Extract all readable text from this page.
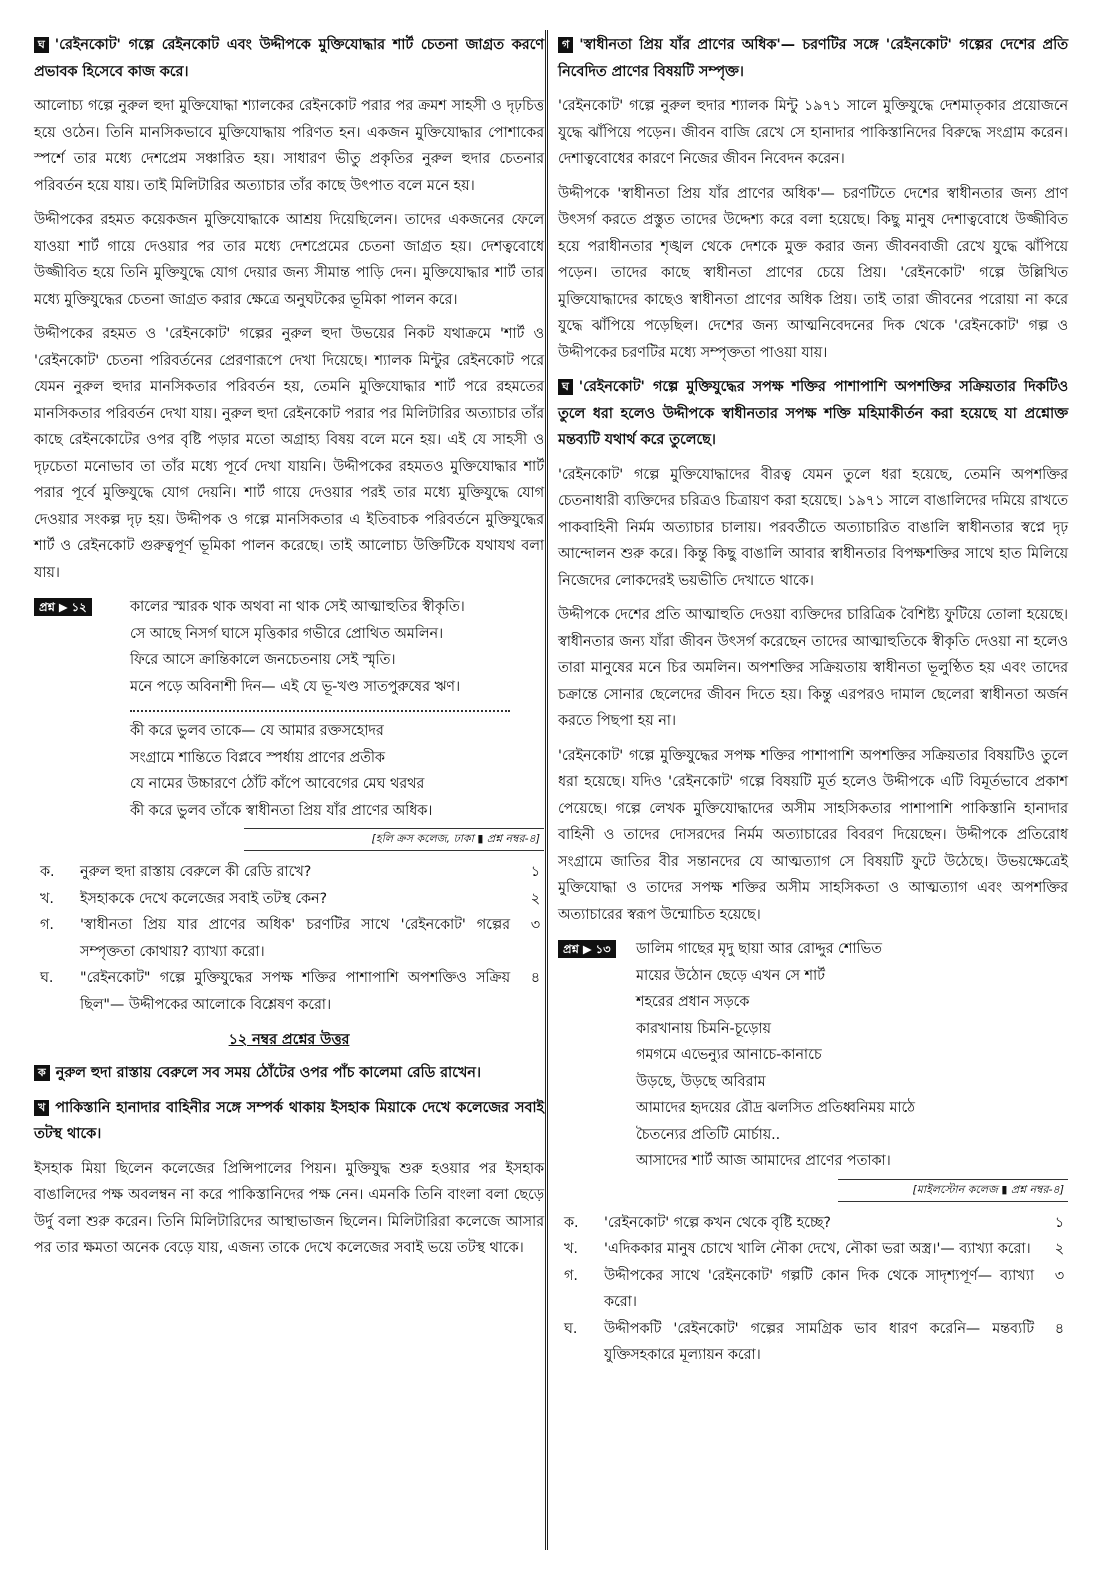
ঘ 'রেইনকোট' গল্পে রেইনকোট এবং উদ্দীপকে মুক্তিযোদ্ধার শার্ট চেতনা জাগ্রত করণে প্রভাবক হিসেবে কাজ করে।

আলোচ্য গল্পে নুরুল হুদা মুক্তিযোদ্ধা শ্যালকের রেইনকোট পরার পর ক্রমশ সাহসী ও দৃঢ়চিত্ত হয়ে ওঠেন। তিনি মানসিকভাবে মুক্তিযোদ্ধায় পরিণত হন। একজন মুক্তিযোদ্ধার পোশাকের স্পর্শে তার মধ্যে দেশপ্রেম সঞ্চারিত হয়। সাধারণ ভীতু প্রকৃতির নুরুল হুদার চেতনার পরিবর্তন হয়ে যায়। তাই মিলিটারির অত্যাচার তাঁর কাছে উৎপাত বলে মনে হয়।

উদ্দীপকের রহমত কয়েকজন মুক্তিযোদ্ধাকে আশ্রয় দিয়েছিলেন। তাদের একজনের ফেলে যাওয়া শার্ট গায়ে দেওয়ার পর তার মধ্যে দেশপ্রেমের চেতনা জাগ্রত হয়। দেশত্ববোধে উজ্জীবিত হয়ে তিনি মুক্তিযুদ্ধে যোগ দেয়ার জন্য সীমান্ত পাড়ি দেন। মুক্তিযোদ্ধার শার্ট তার মধ্যে মুক্তিযুদ্ধের চেতনা জাগ্রত করার ক্ষেত্রে অনুঘটকের ভূমিকা পালন করে।

উদ্দীপকের রহমত ও 'রেইনকোট' গল্পের নুরুল হুদা উভয়ের নিকট যথাক্রমে 'শার্ট ও 'রেইনকোট' চেতনা পরিবর্তনের প্রেরণারূপে দেখা দিয়েছে। শ্যালক মিন্টুর রেইনকোট পরে যেমন নুরুল হুদার মানসিকতার পরিবর্তন হয়, তেমনি মুক্তিযোদ্ধার শার্ট পরে রহমতের মানসিকতার পরিবর্তন দেখা যায়। নুরুল হুদা রেইনকোট পরার পর মিলিটারির অত্যাচার তাঁর কাছে রেইনকোটের ওপর বৃষ্টি পড়ার মতো অগ্রাহ্য বিষয় বলে মনে হয়। এই যে সাহসী ও দৃঢ়চেতা মনোভাব তা তাঁর মধ্যে পূর্বে দেখা যায়নি। উদ্দীপকের রহমতও মুক্তিযোদ্ধার শার্ট পরার পূর্বে মুক্তিযুদ্ধে যোগ দেয়নি। শার্ট গায়ে দেওয়ার পরই তার মধ্যে মুক্তিযুদ্ধে যোগ দেওয়ার সংকল্প দৃঢ় হয়। উদ্দীপক ও গল্পে মানসিকতার এ ইতিবাচক পরিবর্তনে মুক্তিযুদ্ধের শার্ট ও রেইনকোট গুরুত্বপূর্ণ ভূমিকা পালন করেছে। তাই আলোচ্য উক্তিটিকে যথাযথ বলা যায়।

প্রশ্ন ▶ ১২	কালের স্মারক থাক অথবা না থাক সেই আত্মাহুতির স্বীকৃতি।
সে আছে নিসর্গ ঘাসে মৃত্তিকার গভীরে প্রোথিত অমলিন।
ফিরে আসে ক্রান্তিকালে জনচেতনায় সেই স্মৃতি।
মনে পড়ে অবিনাশী দিন— এই যে ভূ-খণ্ড সাতপুরুষের ঋণ।
কী করে ভুলব তাকে— যে আমার রক্তসহোদর
সংগ্রামে শান্তিতে বিপ্লবে স্পর্ধায় প্রাণের প্রতীক
যে নামের উচ্চারণে ঠোঁট কাঁপে আবেগের মেঘ থরথর
কী করে ভুলব তাঁকে স্বাধীনতা প্রিয় যাঁর প্রাণের অধিক।
[হলি ক্রস কলেজ, ঢাকা ▮ প্রশ্ন নম্বর-৪]
ক.	নুরুল হুদা রাস্তায় বেরুলে কী রেডি রাখে?	১
খ.	ইসহাককে দেখে কলেজের সবাই তটস্থ কেন?	২
গ.	'স্বাধীনতা প্রিয় যার প্রাণের অধিক' চরণটির সাথে 'রেইনকোট' গল্পের সম্পৃক্ততা কোথায়? ব্যাখ্যা করো।
৩
ঘ.	"রেইনকোট" গল্পে মুক্তিযুদ্ধের সপক্ষ শক্তির পাশাপাশি অপশক্তিও সক্রিয় ছিল"— উদ্দীপকের আলোকে বিশ্লেষণ করো।
৪
১২ নম্বর প্রশ্নের উত্তর

ক নুরুল হুদা রাস্তায় বেরুলে সব সময় ঠোঁটের ওপর পাঁচ কালেমা রেডি রাখেন।

খ পাকিস্তানি হানাদার বাহিনীর সঙ্গে সম্পর্ক থাকায় ইসহাক মিয়াকে দেখে কলেজের সবাই তটস্থ থাকে।

ইসহাক মিয়া ছিলেন কলেজের প্রিন্সিপালের পিয়ন। মুক্তিযুদ্ধ শুরু হওয়ার পর ইসহাক বাঙালিদের পক্ষ অবলম্বন না করে পাকিস্তানিদের পক্ষ নেন। এমনকি তিনি বাংলা বলা ছেড়ে উর্দু বলা শুরু করেন। তিনি মিলিটারিদের আস্থাভাজন ছিলেন। মিলিটারিরা কলেজে আসার পর তার ক্ষমতা অনেক বেড়ে যায়, এজন্য তাকে দেখে কলেজের সবাই ভয়ে তটস্থ থাকে।

গ 'স্বাধীনতা প্রিয় যাঁর প্রাণের অধিক'— চরণটির সঙ্গে 'রেইনকোট' গল্পের দেশের প্রতি নিবেদিত প্রাণের বিষয়টি সম্পৃক্ত।

'রেইনকোট' গল্পে নুরুল হুদার শ্যালক মিন্টু ১৯৭১ সালে মুক্তিযুদ্ধে দেশমাতৃকার প্রয়োজনে যুদ্ধে ঝাঁপিয়ে পড়েন। জীবন বাজি রেখে সে হানাদার পাকিস্তানিদের বিরুদ্ধে সংগ্রাম করেন। দেশাত্ববোধের কারণে নিজের জীবন নিবেদন করেন।

উদ্দীপকে 'স্বাধীনতা প্রিয় যাঁর প্রাণের অধিক'— চরণটিতে দেশের স্বাধীনতার জন্য প্রাণ উৎসর্গ করতে প্রস্তুত তাদের উদ্দেশ্য করে বলা হয়েছে। কিছু মানুষ দেশাত্ববোধে উজ্জীবিত হয়ে পরাধীনতার শৃঙ্খল থেকে দেশকে মুক্ত করার জন্য জীবনবাজী রেখে যুদ্ধে ঝাঁপিয়ে পড়েন। তাদের কাছে স্বাধীনতা প্রাণের চেয়ে প্রিয়। 'রেইনকোট' গল্পে উল্লিখিত মুক্তিযোদ্ধাদের কাছেও স্বাধীনতা প্রাণের অধিক প্রিয়। তাই তারা জীবনের পরোয়া না করে যুদ্ধে ঝাঁপিয়ে পড়েছিল। দেশের জন্য আত্মনিবেদনের দিক থেকে 'রেইনকোট' গল্প ও উদ্দীপকের চরণটির মধ্যে সম্পৃক্ততা পাওয়া যায়।

ঘ 'রেইনকোট' গল্পে মুক্তিযুদ্ধের সপক্ষ শক্তির পাশাপাশি অপশক্তির সক্রিয়তার দিকটিও তুলে ধরা হলেও উদ্দীপকে স্বাধীনতার সপক্ষ শক্তি মহিমাকীর্তন করা হয়েছে যা প্রশ্নোক্ত মন্তব্যটি যথার্থ করে তুলেছে।

'রেইনকোট' গল্পে মুক্তিযোদ্ধাদের বীরত্ব যেমন তুলে ধরা হয়েছে, তেমনি অপশক্তির চেতনাধারী ব্যক্তিদের চরিত্রও চিত্রায়ণ করা হয়েছে। ১৯৭১ সালে বাঙালিদের দমিয়ে রাখতে পাকবাহিনী নির্মম অত্যাচার চালায়। পরবর্তীতে অত্যাচারিত বাঙালি স্বাধীনতার স্বপ্নে দৃঢ় আন্দোলন শুরু করে। কিন্তু কিছু বাঙালি আবার স্বাধীনতার বিপক্ষশক্তির সাথে হাত মিলিয়ে নিজেদের লোকদেরই ভয়ভীতি দেখাতে থাকে।

উদ্দীপকে দেশের প্রতি আত্মাহুতি দেওয়া ব্যক্তিদের চারিত্রিক বৈশিষ্ট্য ফুটিয়ে তোলা হয়েছে। স্বাধীনতার জন্য যাঁরা জীবন উৎসর্গ করেছেন তাদের আত্মাহুতিকে স্বীকৃতি দেওয়া না হলেও তারা মানুষের মনে চির অমলিন। অপশক্তির সক্রিয়তায় স্বাধীনতা ভূলুণ্ঠিত হয় এবং তাদের চক্রান্তে সোনার ছেলেদের জীবন দিতে হয়। কিন্তু এরপরও দামাল ছেলেরা স্বাধীনতা অর্জন করতে পিছপা হয় না।

'রেইনকোট' গল্পে মুক্তিযুদ্ধের সপক্ষ শক্তির পাশাপাশি অপশক্তির সক্রিয়তার বিষয়টিও তুলে ধরা হয়েছে। যদিও 'রেইনকোট' গল্পে বিষয়টি মূর্ত হলেও উদ্দীপকে এটি বিমূর্তভাবে প্রকাশ পেয়েছে। গল্পে লেখক মুক্তিযোদ্ধাদের অসীম সাহসিকতার পাশাপাশি পাকিস্তানি হানাদার বাহিনী ও তাদের দোসরদের নির্মম অত্যাচারের বিবরণ দিয়েছেন। উদ্দীপকে প্রতিরোধ সংগ্রামে জাতির বীর সন্তানদের যে আত্মত্যাগ সে বিষয়টি ফুটে উঠেছে। উভয়ক্ষেত্রেই মুক্তিযোদ্ধা ও তাদের সপক্ষ শক্তির অসীম সাহসিকতা ও আত্মত্যাগ এবং অপশক্তির অত্যাচারের স্বরূপ উন্মোচিত হয়েছে।

প্রশ্ন ▶ ১৩	ডালিম গাছের মৃদু ছায়া আর রোদ্দুর শোভিত
মায়ের উঠোন ছেড়ে এখন সে শার্ট
শহরের প্রধান সড়কে
কারখানায় চিমনি-চূড়োয়
গমগমে এভেন্যুর আনাচে-কানাচে
উড়ছে, উড়ছে অবিরাম
আমাদের হৃদয়ের রৌদ্র ঝলসিত প্রতিধ্বনিময় মাঠে
চৈতন্যের প্রতিটি মোর্চায়..
আসাদের শার্ট আজ আমাদের প্রাণের পতাকা।
[মাইলস্টোন কলেজ ▮ প্রশ্ন নম্বর-৪]
ক.	'রেইনকোট' গল্পে কখন থেকে বৃষ্টি হচ্ছে?	১
খ.	'এদিককার মানুষ চোখে খালি নৌকা দেখে, নৌকা ভরা অস্ত্র।'— ব্যাখ্যা করো।	২
গ.	উদ্দীপকের সাথে 'রেইনকোট' গল্পটি কোন দিক থেকে সাদৃশ্যপূর্ণ— ব্যাখ্যা করো।
৩
ঘ.	উদ্দীপকটি 'রেইনকোট' গল্পের সামগ্রিক ভাব ধারণ করেনি— মন্তব্যটি যুক্তিসহকারে মূল্যায়ন করো।
৪
